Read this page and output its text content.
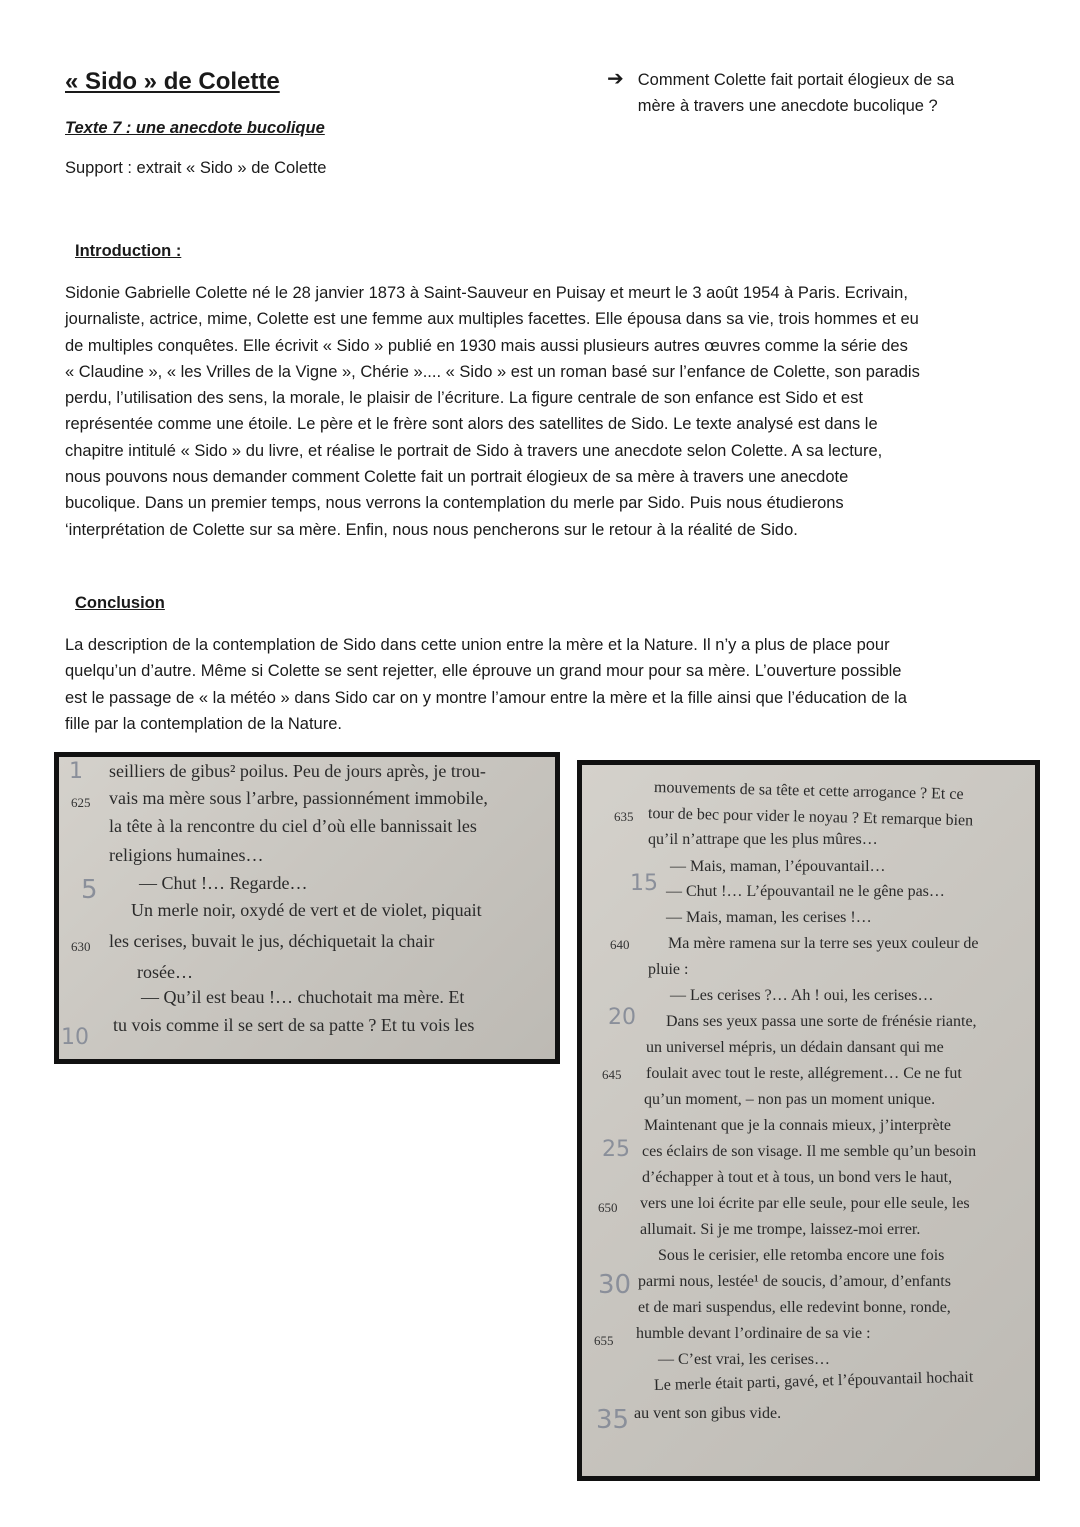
« Sido » de Colette

Texte 7 : une anecdote bucolique

Support : extrait « Sido » de Colette

➔ Comment Colette fait portait élogieux de sa
mère à travers une anecdote bucolique ?

Introduction :

Sidonie Gabrielle Colette né le 28 janvier 1873 à Saint-Sauveur en Puisay et meurt le 3 août 1954 à Paris. Ecrivain,
journaliste, actrice, mime, Colette est une femme aux multiples facettes. Elle épousa dans sa vie, trois hommes et eu
de multiples conquêtes. Elle écrivit « Sido » publié en 1930 mais aussi plusieurs autres œuvres comme la série des
« Claudine », « les Vrilles de la Vigne », Chérie ».... « Sido » est un roman basé sur l’enfance de Colette, son paradis
perdu, l’utilisation des sens, la morale, le plaisir de l’écriture. La figure centrale de son enfance est Sido et est
représentée comme une étoile. Le père et le frère sont alors des satellites de Sido. Le texte analysé est dans le
chapitre intitulé « Sido » du livre, et réalise le portrait de Sido à travers une anecdote selon Colette. A sa lecture,
nous pouvons nous demander comment Colette fait un portrait élogieux de sa mère à travers une anecdote
bucolique. Dans un premier temps, nous verrons la contemplation du merle par Sido. Puis nous étudierons
‘interprétation de Colette sur sa mère. Enfin, nous nous pencherons sur le retour à la réalité de Sido.

Conclusion

La description de la contemplation de Sido dans cette union entre la mère et la Nature. Il n’y a plus de place pour
quelqu’un d’autre. Même si Colette se sent rejetter, elle éprouve un grand mour pour sa mère. L’ouverture possible
est le passage de « la météo » dans Sido car on y montre l’amour entre la mère et la fille ainsi que l’éducation de la
fille par la contemplation de la Nature.
1
5
10
625
630
seilliers de gibus² poilus. Peu de jours après, je trou-
vais ma mère sous l’arbre, passionnément immobile,
la tête à la rencontre du ciel d’où elle bannissait les
religions humaines…
— Chut !… Regarde…
Un merle noir, oxydé de vert et de violet, piquait
les cerises, buvait le jus, déchiquetait la chair
rosée…
— Qu’il est beau !… chuchotait ma mère. Et
tu vois comme il se sert de sa patte ? Et tu vois les
635
640
645
650
655
15
20
25
30
35
mouvements de sa tête et cette arrogance ? Et ce
tour de bec pour vider le noyau ? Et remarque bien
qu’il n’attrape que les plus mûres…
— Mais, maman, l’épouvantail…
— Chut !… L’épouvantail ne le gêne pas…
— Mais, maman, les cerises !…
Ma mère ramena sur la terre ses yeux couleur de
pluie :
— Les cerises ?… Ah ! oui, les cerises…
Dans ses yeux passa une sorte de frénésie riante,
un universel mépris, un dédain dansant qui me
foulait avec tout le reste, allégrement… Ce ne fut
qu’un moment, – non pas un moment unique.
Maintenant que je la connais mieux, j’interprète
ces éclairs de son visage. Il me semble qu’un besoin
d’échapper à tout et à tous, un bond vers le haut,
vers une loi écrite par elle seule, pour elle seule, les
allumait. Si je me trompe, laissez-moi errer.
Sous le cerisier, elle retomba encore une fois
parmi nous, lestée¹ de soucis, d’amour, d’enfants
et de mari suspendus, elle redevint bonne, ronde,
humble devant l’ordinaire de sa vie :
— C’est vrai, les cerises…
Le merle était parti, gavé, et l’épouvantail hochait
au vent son gibus vide.
